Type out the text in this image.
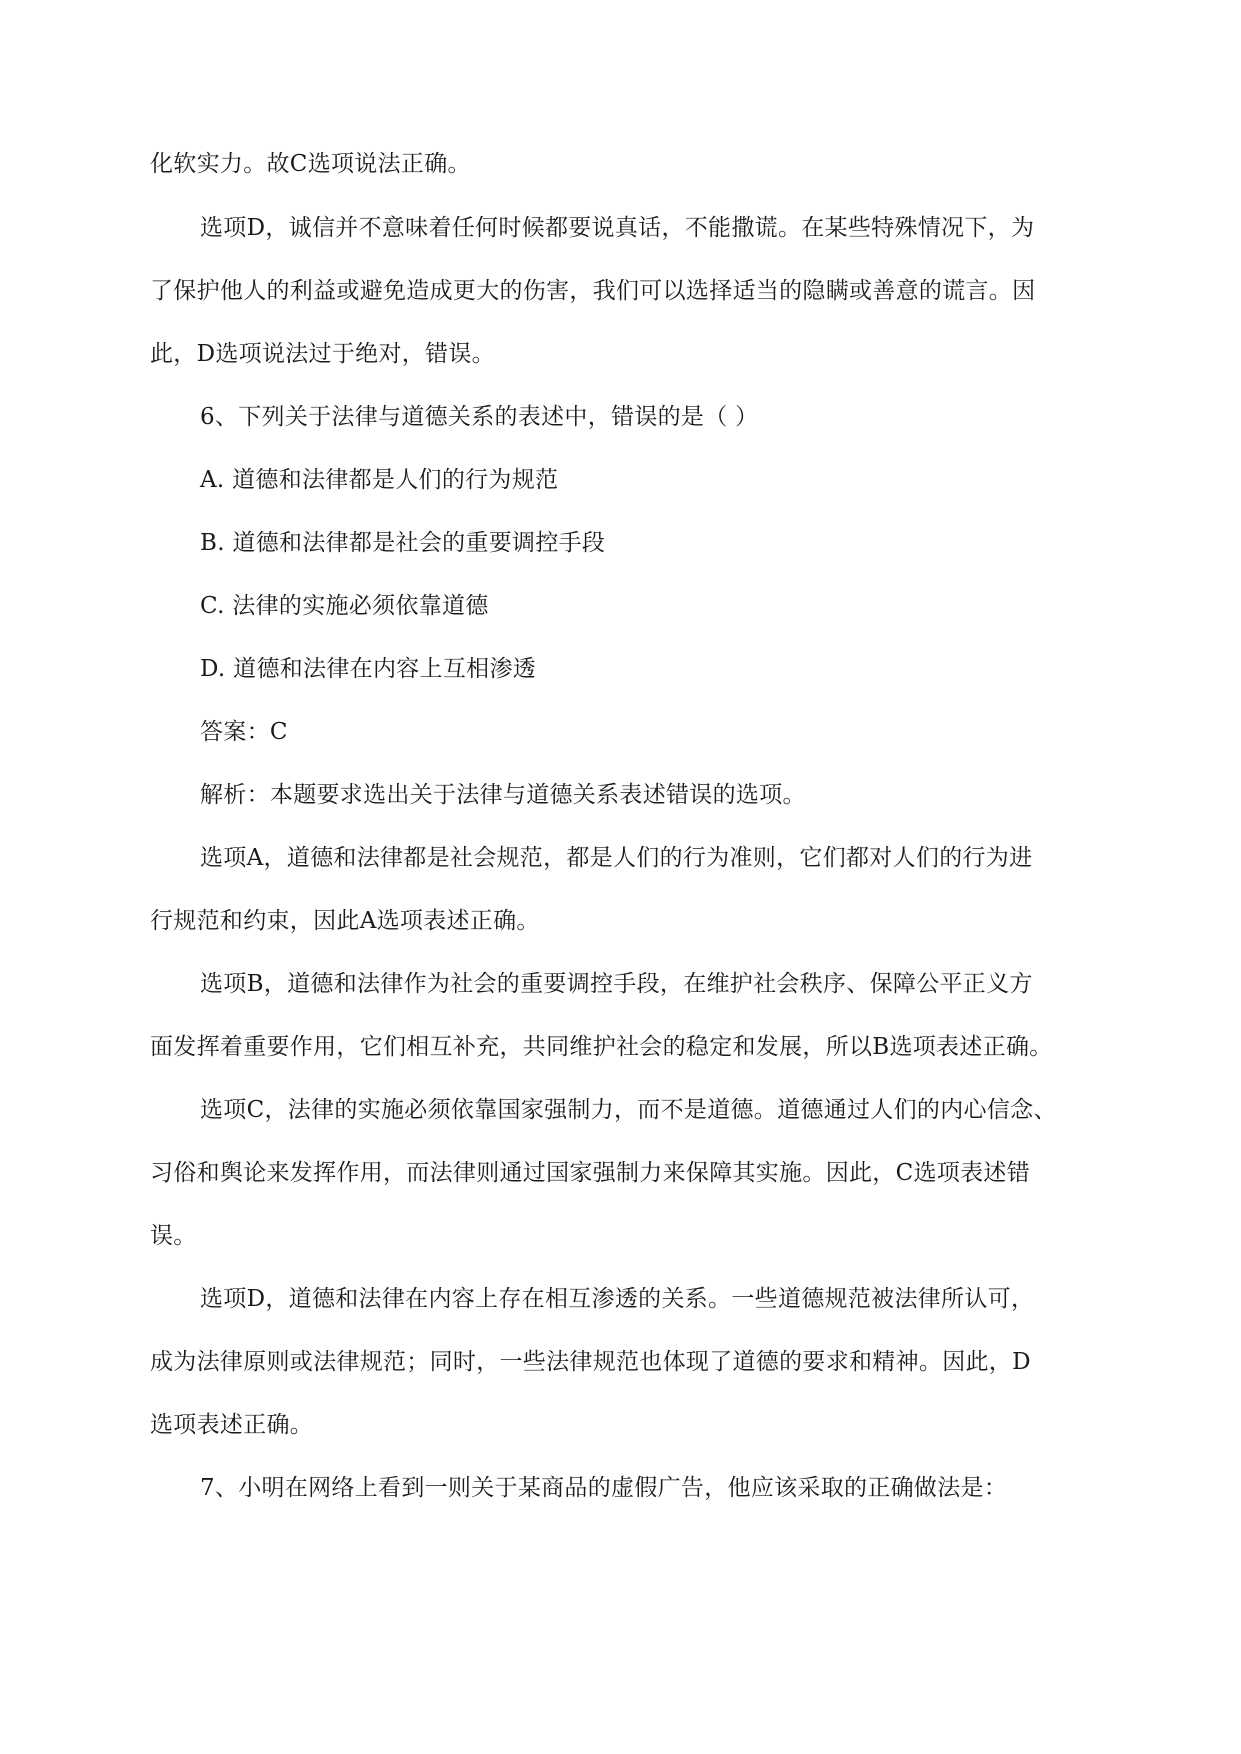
化软实力。故C选项说法正确。
选项D，诚信并不意味着任何时候都要说真话，不能撒谎。在某些特殊情况下，为
了保护他人的利益或避免造成更大的伤害，我们可以选择适当的隐瞒或善意的谎言。因
此，D选项说法过于绝对，错误。
6、下列关于法律与道德关系的表述中，错误的是（ ）
A. 道德和法律都是人们的行为规范
B. 道德和法律都是社会的重要调控手段
C. 法律的实施必须依靠道德
D. 道德和法律在内容上互相渗透
答案：C
解析：本题要求选出关于法律与道德关系表述错误的选项。
选项A，道德和法律都是社会规范，都是人们的行为准则，它们都对人们的行为进
行规范和约束，因此A选项表述正确。
选项B，道德和法律作为社会的重要调控手段，在维护社会秩序、保障公平正义方
面发挥着重要作用，它们相互补充，共同维护社会的稳定和发展，所以B选项表述正确。
选项C，法律的实施必须依靠国家强制力，而不是道德。道德通过人们的内心信念、
习俗和舆论来发挥作用，而法律则通过国家强制力来保障其实施。因此，C选项表述错
误。
选项D，道德和法律在内容上存在相互渗透的关系。一些道德规范被法律所认可，
成为法律原则或法律规范；同时，一些法律规范也体现了道德的要求和精神。因此，D
选项表述正确。
7、小明在网络上看到一则关于某商品的虚假广告，他应该采取的正确做法是：
